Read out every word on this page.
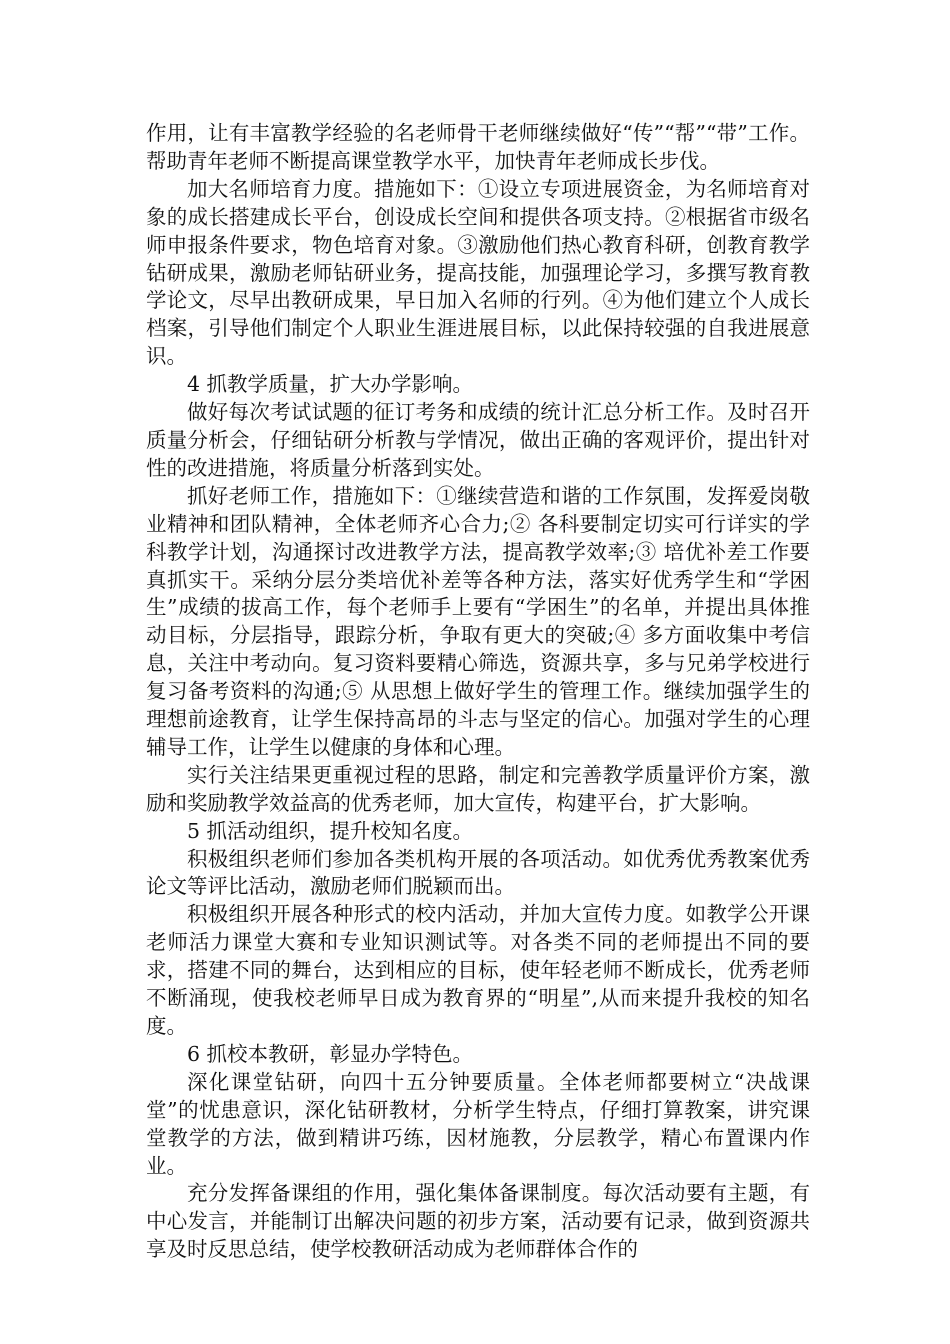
作用，让有丰富教学经验的名老师骨干老师继续做好“传”“帮”“带”工作。帮助青年老师不断提高课堂教学水平，加快青年老师成长步伐。

加大名师培育力度。措施如下：①设立专项进展资金，为名师培育对象的成长搭建成长平台，创设成长空间和提供各项支持。②根据省市级名师申报条件要求，物色培育对象。③激励他们热心教育科研，创教育教学钻研成果，激励老师钻研业务，提高技能，加强理论学习，多撰写教育教学论文，尽早出教研成果，早日加入名师的行列。④为他们建立个人成长档案，引导他们制定个人职业生涯进展目标，以此保持较强的自我进展意识。

4 抓教学质量，扩大办学影响。

做好每次考试试题的征订考务和成绩的统计汇总分析工作。及时召开质量分析会，仔细钻研分析教与学情况，做出正确的客观评价，提出针对性的改进措施，将质量分析落到实处。

抓好老师工作，措施如下：①继续营造和谐的工作氛围，发挥爱岗敬业精神和团队精神，全体老师齐心合力;② 各科要制定切实可行详实的学科教学计划，沟通探讨改进教学方法，提高教学效率;③ 培优补差工作要真抓实干。采纳分层分类培优补差等各种方法，落实好优秀学生和“学困生”成绩的拔高工作，每个老师手上要有“学困生”的名单，并提出具体推动目标，分层指导，跟踪分析，争取有更大的突破;④ 多方面收集中考信息，关注中考动向。复习资料要精心筛选，资源共享，多与兄弟学校进行复习备考资料的沟通;⑤ 从思想上做好学生的管理工作。继续加强学生的理想前途教育，让学生保持高昂的斗志与坚定的信心。加强对学生的心理辅导工作，让学生以健康的身体和心理。

实行关注结果更重视过程的思路，制定和完善教学质量评价方案，激励和奖励教学效益高的优秀老师，加大宣传，构建平台，扩大影响。

5 抓活动组织，提升校知名度。

积极组织老师们参加各类机构开展的各项活动。如优秀优秀教案优秀论文等评比活动，激励老师们脱颖而出。

积极组织开展各种形式的校内活动，并加大宣传力度。如教学公开课老师活力课堂大赛和专业知识测试等。对各类不同的老师提出不同的要求，搭建不同的舞台，达到相应的目标，使年轻老师不断成长，优秀老师不断涌现，使我校老师早日成为教育界的“明星”,从而来提升我校的知名度。

6 抓校本教研，彰显办学特色。

深化课堂钻研，向四十五分钟要质量。全体老师都要树立“决战课堂”的忧患意识，深化钻研教材，分析学生特点，仔细打算教案，讲究课堂教学的方法，做到精讲巧练，因材施教，分层教学，精心布置课内作业。

充分发挥备课组的作用，强化集体备课制度。每次活动要有主题，有中心发言，并能制订出解决问题的初步方案，活动要有记录，做到资源共享及时反思总结，使学校教研活动成为老师群体合作的
